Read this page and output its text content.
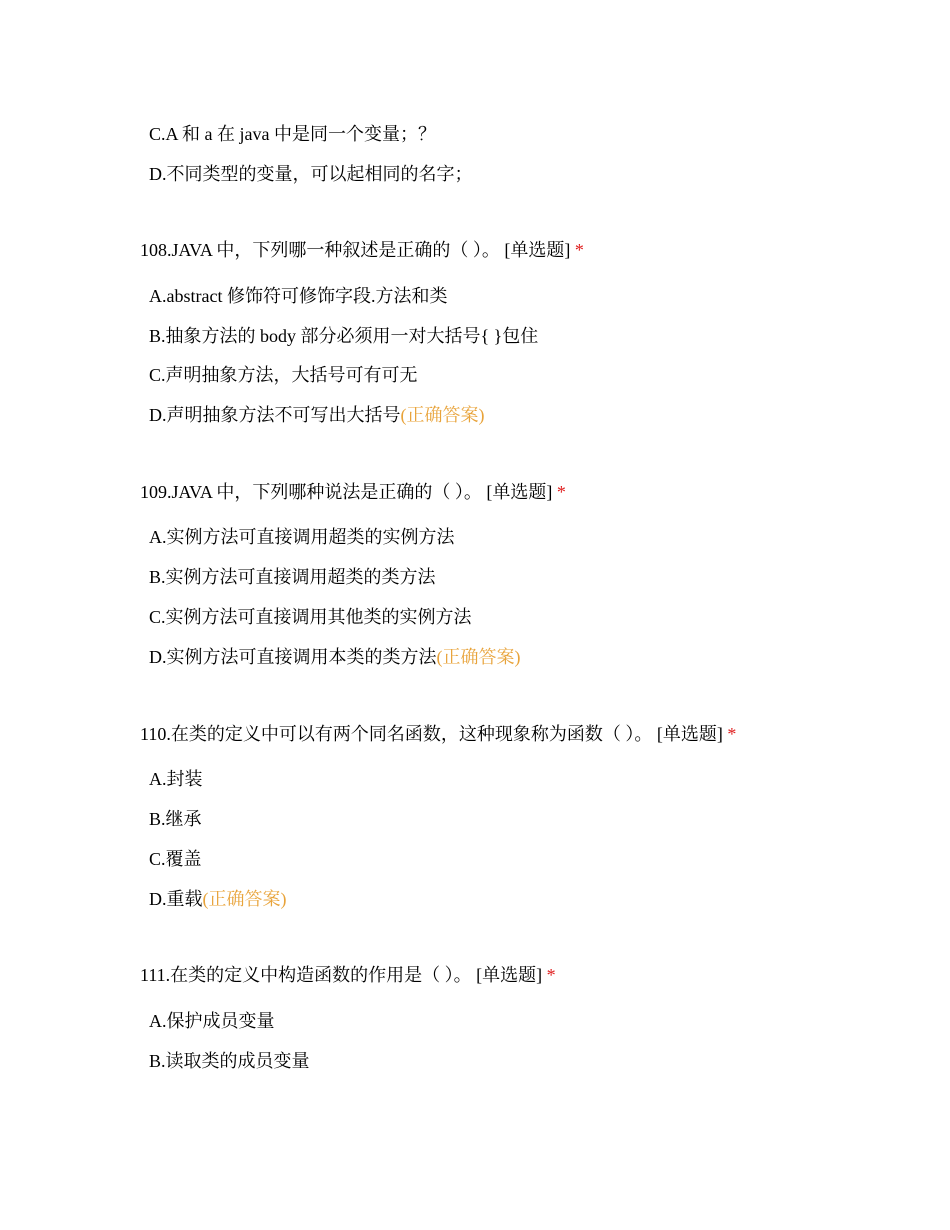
C.A 和 a 在 java 中是同一个变量；？
D.不同类型的变量，可以起相同的名字；
108.JAVA 中，下列哪一种叙述是正确的（ ）。 [单选题] *
A.abstract 修饰符可修饰字段.方法和类
B.抽象方法的 body 部分必须用一对大括号{ }包住
C.声明抽象方法，大括号可有可无
D.声明抽象方法不可写出大括号(正确答案)
109.JAVA 中，下列哪种说法是正确的（ ）。 [单选题] *
A.实例方法可直接调用超类的实例方法
B.实例方法可直接调用超类的类方法
C.实例方法可直接调用其他类的实例方法
D.实例方法可直接调用本类的类方法(正确答案)
110.在类的定义中可以有两个同名函数，这种现象称为函数（ ）。 [单选题] *
A.封装
B.继承
C.覆盖
D.重载(正确答案)
111.在类的定义中构造函数的作用是（ ）。 [单选题] *
A.保护成员变量
B.读取类的成员变量
